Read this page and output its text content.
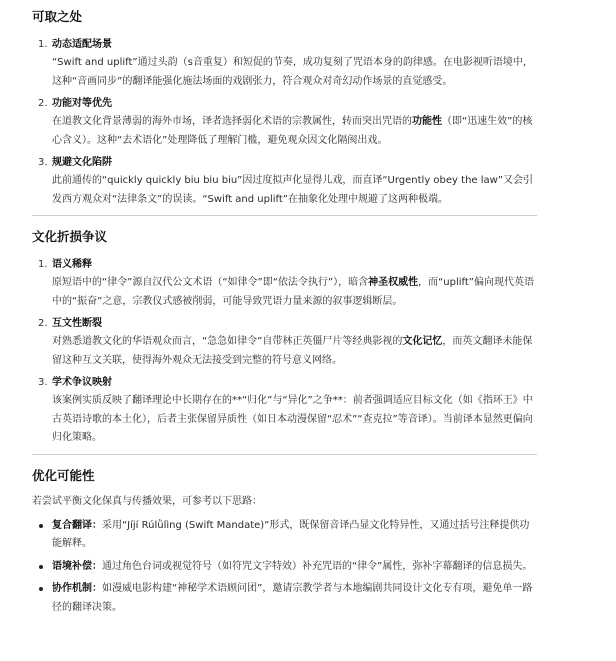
可取之处
1. 动态适配场景
“Swift and uplift”通过头韵（s音重复）和短促的节奏，成功复刻了咒语本身的韵律感。在电影视听语境中，这种“音画同步”的翻译能强化施法场面的戏剧张力，符合观众对奇幻动作场景的直觉感受。
2. 功能对等优先
在道教文化背景薄弱的海外市场，译者选择弱化术语的宗教属性，转而突出咒语的功能性（即“迅速生效”的核心含义）。这种“去术语化”处理降低了理解门槛，避免观众因文化隔阂出戏。
3. 规避文化陷阱
此前通传的“quickly quickly biu biu biu”因过度拟声化显得儿戏，而直译“Urgently obey the law”又会引发西方观众对“法律条文”的误读。“Swift and uplift”在抽象化处理中规避了这两种极端。
文化折损争议
1. 语义稀释
原短语中的“律令”源自汉代公文术语（“如律令”即“依法令执行”），暗含神圣权威性，而“uplift”偏向现代英语中的“振奋”之意，宗教仪式感被削弱，可能导致咒语力量来源的叙事逻辑断层。
2. 互文性断裂
对熟悉道教文化的华语观众而言，“急急如律令”自带林正英僵尸片等经典影视的文化记忆，而英文翻译未能保留这种互文关联，使得海外观众无法接受到完整的符号意义网络。
3. 学术争议映射
该案例实质反映了翻译理论中长期存在的**“归化”与“异化”之争**：前者强调适应目标文化（如《指环王》中古英语诗歌的本土化），后者主张保留异质性（如日本动漫保留“忍术”“查克拉”等音译）。当前译本显然更偏向归化策略。
优化可能性
若尝试平衡文化保真与传播效果，可参考以下思路：
复合翻译：采用“Jíjí Rúlǜlìng (Swift Mandate)”形式，既保留音译凸显文化特异性，又通过括号注释提供功能解释。
语境补偿：通过角色台词或视觉符号（如符咒文字特效）补充咒语的“律令”属性，弥补字幕翻译的信息损失。
协作机制：如漫威电影构建“神秘学术语顾问团”，邀请宗教学者与本地编剧共同设计文化专有项，避免单一路径的翻译决策。
